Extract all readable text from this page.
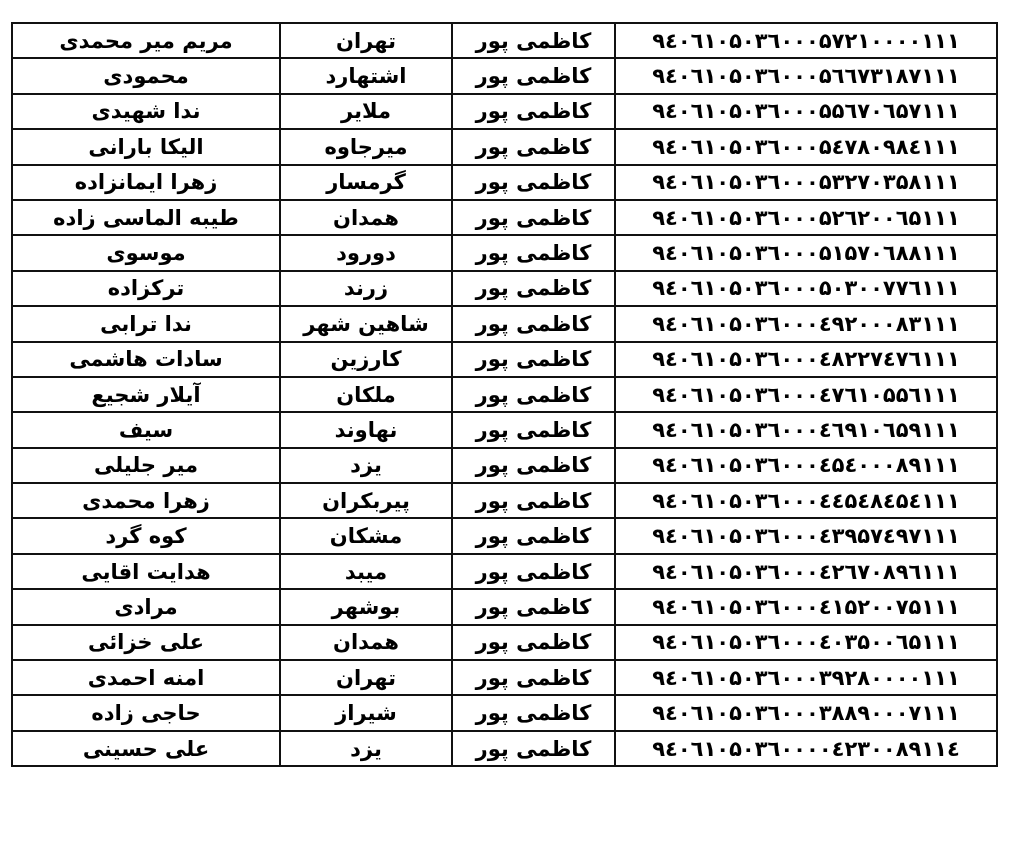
مریم میر محمدی	تهران	کاظمی پور	۹٤۰٦۱۰۵۰۳٦۰۰۰۵۷۲۱۰۰۰۰۱۱۱
محمودی	اشتهارد	کاظمی پور	۹٤۰٦۱۰۵۰۳٦۰۰۰۵٦٦۷۳۱۸۷۱۱۱
ندا شهیدی	ملایر	کاظمی پور	۹٤۰٦۱۰۵۰۳٦۰۰۰۵۵٦۷۰٦۵۷۱۱۱
الیکا بارانی	میرجاوه	کاظمی پور	۹٤۰٦۱۰۵۰۳٦۰۰۰۵٤۷۸۰۹۸٤۱۱۱
زهرا ایمانزاده	گرمسار	کاظمی پور	۹٤۰٦۱۰۵۰۳٦۰۰۰۵۳۲۷۰۳۵۸۱۱۱
طیبه الماسی زاده	همدان	کاظمی پور	۹٤۰٦۱۰۵۰۳٦۰۰۰۵۲٦۲۰۰٦۵۱۱۱
موسوی	دورود	کاظمی پور	۹٤۰٦۱۰۵۰۳٦۰۰۰۵۱۵۷۰٦۸۸۱۱۱
ترکزاده	زرند	کاظمی پور	۹٤۰٦۱۰۵۰۳٦۰۰۰۵۰۳۰۰۷۷٦۱۱۱
ندا ترابی	شاهین شهر	کاظمی پور	۹٤۰٦۱۰۵۰۳٦۰۰۰٤۹۲۰۰۰۸۳۱۱۱
سادات هاشمی	کارزین	کاظمی پور	۹٤۰٦۱۰۵۰۳٦۰۰۰٤۸۲۲۷٤۷٦۱۱۱
آیلار شجیع	ملکان	کاظمی پور	۹٤۰٦۱۰۵۰۳٦۰۰۰٤۷٦۱۰۵۵٦۱۱۱
سیف	نهاوند	کاظمی پور	۹٤۰٦۱۰۵۰۳٦۰۰۰٤٦۹۱۰٦۵۹۱۱۱
میر جلیلی	یزد	کاظمی پور	۹٤۰٦۱۰۵۰۳٦۰۰۰٤۵٤۰۰۰۸۹۱۱۱
زهرا محمدی	پیربکران	کاظمی پور	۹٤۰٦۱۰۵۰۳٦۰۰۰٤٤۵٤۸٤۵٤۱۱۱
کوه گرد	مشکان	کاظمی پور	۹٤۰٦۱۰۵۰۳٦۰۰۰٤۳۹۵۷٤۹۷۱۱۱
هدایت اقایی	میبد	کاظمی پور	۹٤۰٦۱۰۵۰۳٦۰۰۰٤۲٦۷۰۸۹٦۱۱۱
مرادی	بوشهر	کاظمی پور	۹٤۰٦۱۰۵۰۳٦۰۰۰٤۱۵۲۰۰۷۵۱۱۱
علی خزائی	همدان	کاظمی پور	۹٤۰٦۱۰۵۰۳٦۰۰۰٤۰۳۵۰۰٦۵۱۱۱
امنه احمدی	تهران	کاظمی پور	۹٤۰٦۱۰۵۰۳٦۰۰۰۳۹۲۸۰۰۰۰۱۱۱
حاجی زاده	شیراز	کاظمی پور	۹٤۰٦۱۰۵۰۳٦۰۰۰۳۸۸۹۰۰۰۷۱۱۱
علی حسینی	یزد	کاظمی پور	۹٤۰٦۱۰۵۰۳٦۰۰۰۰٤۲۳۰۰۸۹۱۱٤
